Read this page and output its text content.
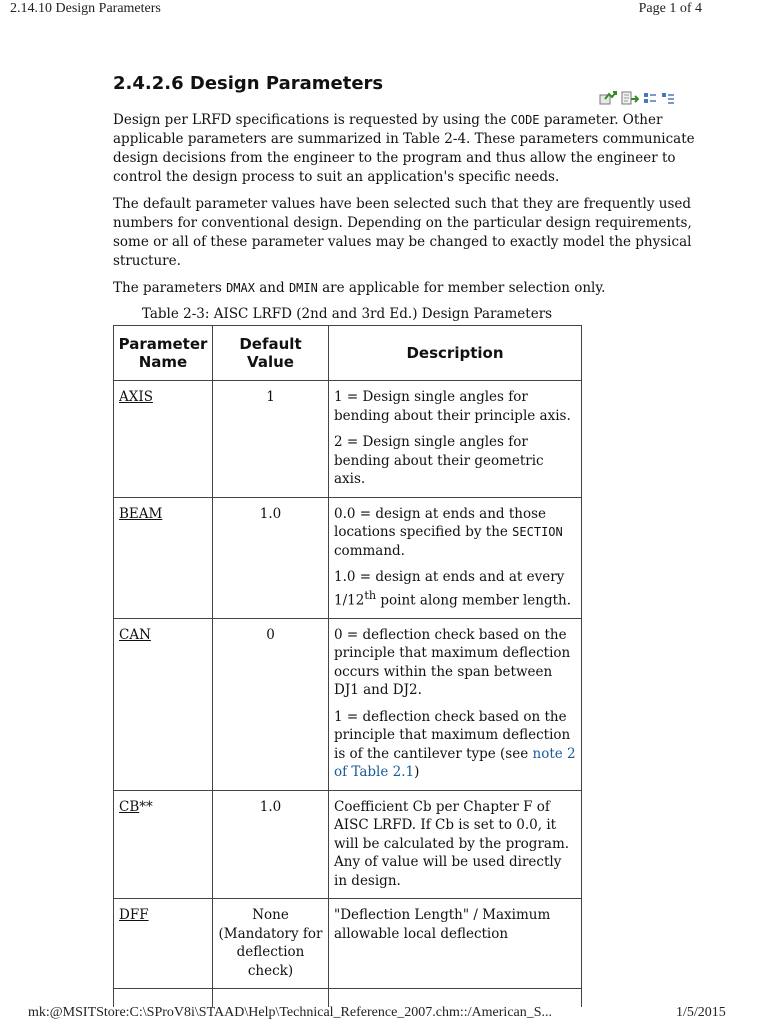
2.14.10 Design Parameters	Page 1 of 4
2.4.2.6 Design Parameters

Design per LRFD specifications is requested by using the CODE parameter. Other applicable parameters are summarized in Table 2-4. These parameters communicate design decisions from the engineer to the program and thus allow the engineer to control the design process to suit an application's specific needs.

The default parameter values have been selected such that they are frequently used numbers for conventional design. Depending on the particular design requirements, some or all of these parameter values may be changed to exactly model the physical structure.

The parameters DMAX and DMIN are applicable for member selection only.

Table 2-3: AISC LRFD (2nd and 3rd Ed.) Design Parameters
Parameter Name	Default Value	Description
AXIS	1	1 = Design single angles for bending about their principle axis.

2 = Design single angles for bending about their geometric axis.

BEAM	1.0	0.0 = design at ends and those locations specified by the SECTION command.

1.0 = design at ends and at every 1/12th point along member length.

CAN	0	0 = deflection check based on the principle that maximum deflection occurs within the span between DJ1 and DJ2.

1 = deflection check based on the principle that maximum deflection is of the cantilever type (see note 2 of Table 2.1)

CB**	1.0	Coefficient Cb per Chapter F of AISC LRFD. If Cb is set to 0.0, it will be calculated by the program. Any of value will be used directly in design.

DFF	None (Mandatory for deflection check)	"Deflection Length" / Maximum allowable local deflection

mk:@MSITStore:C:\SProV8i\STAAD\Help\Technical_Reference_2007.chm::/American_S...	1/5/2015
